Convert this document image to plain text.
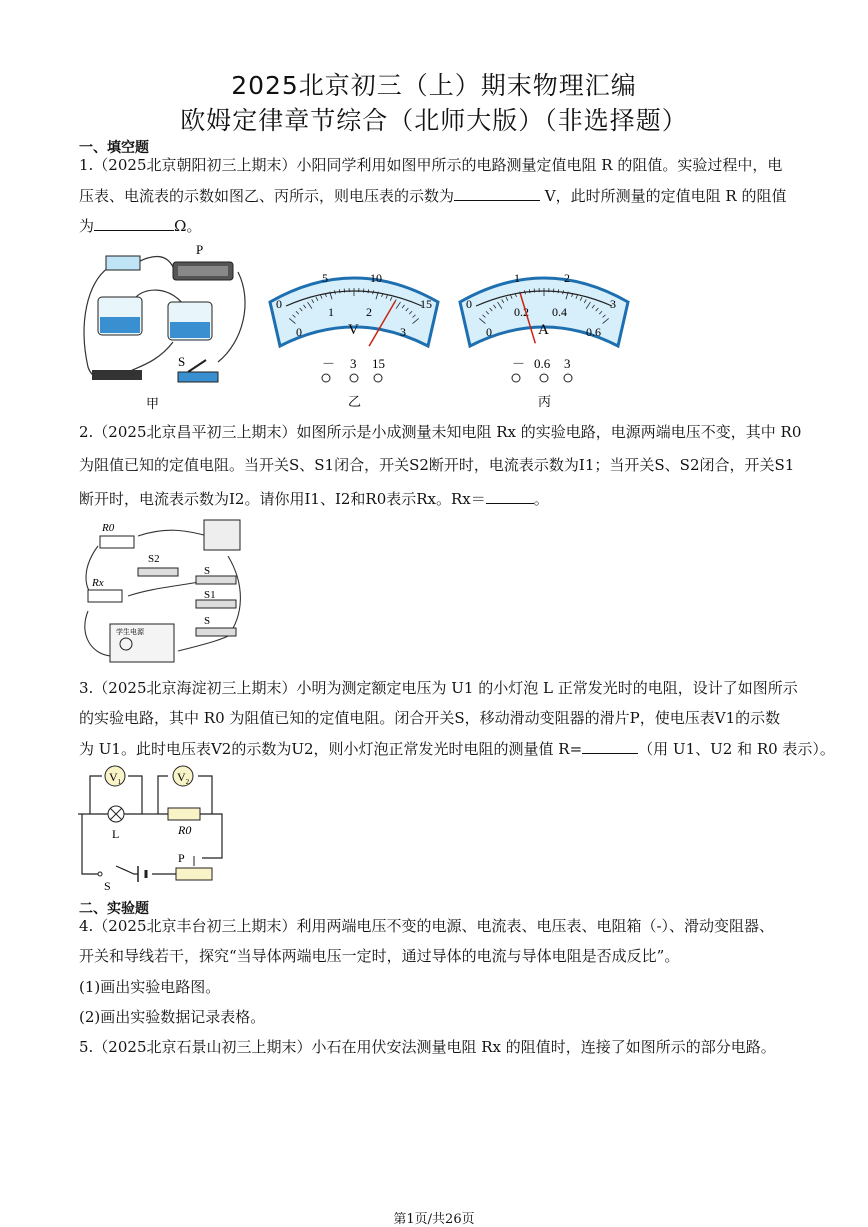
2025北京初三（上）期末物理汇编
欧姆定律章节综合（北师大版）（非选择题）
一、填空题
1.（2025北京朝阳初三上期末）小阳同学利用如图甲所示的电路测量定值电阻 R 的阻值。实验过程中，电
压表、电流表的示数如图乙、丙所示，则电压表的示数为	V，此时所测量的定值电阻 R 的阻值
为	Ω。
P
S
甲
0
5	10
15
0
1	2
3
V
－ 3 15
乙
0
1	2
3
0
0.2 0.4
0.6
A
－ 0.6 3
丙
2.（2025北京昌平初三上期末）如图所示是小成测量未知电阻 Rx 的实验电路，电源两端电压不变，其中 R0
为阻值已知的定值电阻。当开关S、S1闭合，开关S2断开时，电流表示数为I1；当开关S、S2闭合，开关S1
断开时，电流表示数为I2。请你用I1、I2和R0表示Rx。Rx＝	。
R0
Rx
S2
S
S1
S
学生电源
3.（2025北京海淀初三上期末）小明为测定额定电压为 U1 的小灯泡 L 正常发光时的电阻，设计了如图所示
的实验电路，其中 R0 为阻值已知的定值电阻。闭合开关S，移动滑动变阻器的滑片P，使电压表V1的示数
为 U1。此时电压表V2的示数为U2，则小灯泡正常发光时电阻的测量值 R=	（用 U1、U2 和 R0 表示）。
$V_1$	$V_2$
L	R0
P
S
二、实验题
4.（2025北京丰台初三上期末）利用两端电压不变的电源、电流表、电压表、电阻箱（-）、滑动变阻器、
开关和导线若干，探究“当导体两端电压一定时，通过导体的电流与导体电阻是否成反比”。
(1)画出实验电路图。
(2)画出实验数据记录表格。
5.（2025北京石景山初三上期末）小石在用伏安法测量电阻 Rx 的阻值时，连接了如图所示的部分电路。
第1页/共26页
